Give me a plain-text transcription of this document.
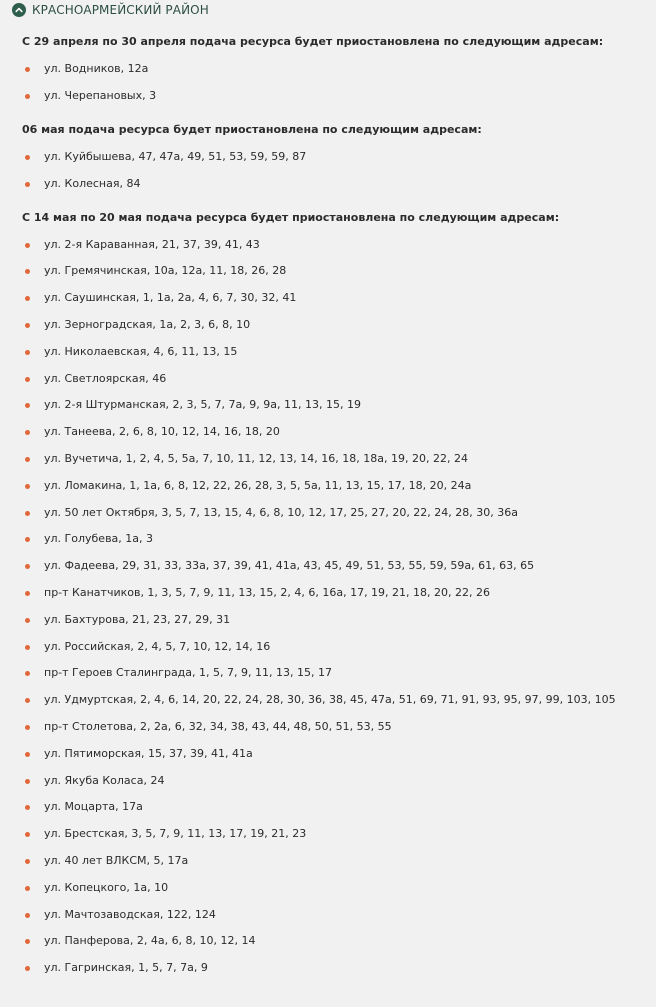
КРАСНОАРМЕЙСКИЙ РАЙОН
С 29 апреля по 30 апреля подача ресурса будет приостановлена по следующим адресам:
ул. Водников, 12а
ул. Черепановых, 3
06 мая подача ресурса будет приостановлена по следующим адресам:
ул. Куйбышева, 47, 47а, 49, 51, 53, 59, 59, 87
ул. Колесная, 84
С 14 мая по 20 мая подача ресурса будет приостановлена по следующим адресам:
ул. 2-я Караванная, 21, 37, 39, 41, 43
ул. Гремячинская, 10а, 12а, 11, 18, 26, 28
ул. Саушинская, 1, 1а, 2а, 4, 6, 7, 30, 32, 41
ул. Зерноградская, 1а, 2, 3, 6, 8, 10
ул. Николаевская, 4, 6, 11, 13, 15
ул. Светлоярская, 46
ул. 2-я Штурманская, 2, 3, 5, 7, 7а, 9, 9а, 11, 13, 15, 19
ул. Танеева, 2, 6, 8, 10, 12, 14, 16, 18, 20
ул. Вучетича, 1, 2, 4, 5, 5а, 7, 10, 11, 12, 13, 14, 16, 18, 18а, 19, 20, 22, 24
ул. Ломакина, 1, 1а, 6, 8, 12, 22, 26, 28, 3, 5, 5а, 11, 13, 15, 17, 18, 20, 24а
ул. 50 лет Октября, 3, 5, 7, 13, 15, 4, 6, 8, 10, 12, 17, 25, 27, 20, 22, 24, 28, 30, 36а
ул. Голубева, 1а, 3
ул. Фадеева, 29, 31, 33, 33а, 37, 39, 41, 41а, 43, 45, 49, 51, 53, 55, 59, 59а, 61, 63, 65
пр-т Канатчиков, 1, 3, 5, 7, 9, 11, 13, 15, 2, 4, 6, 16а, 17, 19, 21, 18, 20, 22, 26
ул. Бахтурова, 21, 23, 27, 29, 31
ул. Российская, 2, 4, 5, 7, 10, 12, 14, 16
пр-т Героев Сталинграда, 1, 5, 7, 9, 11, 13, 15, 17
ул. Удмуртская, 2, 4, 6, 14, 20, 22, 24, 28, 30, 36, 38, 45, 47а, 51, 69, 71, 91, 93, 95, 97, 99, 103, 105
пр-т Столетова, 2, 2а, 6, 32, 34, 38, 43, 44, 48, 50, 51, 53, 55
ул. Пятиморская, 15, 37, 39, 41, 41а
ул. Якуба Коласа, 24
ул. Моцарта, 17а
ул. Брестская, 3, 5, 7, 9, 11, 13, 17, 19, 21, 23
ул. 40 лет ВЛКСМ, 5, 17а
ул. Копецкого, 1а, 10
ул. Мачтозаводская, 122, 124
ул. Панферова, 2, 4а, 6, 8, 10, 12, 14
ул. Гагринская, 1, 5, 7, 7а, 9
